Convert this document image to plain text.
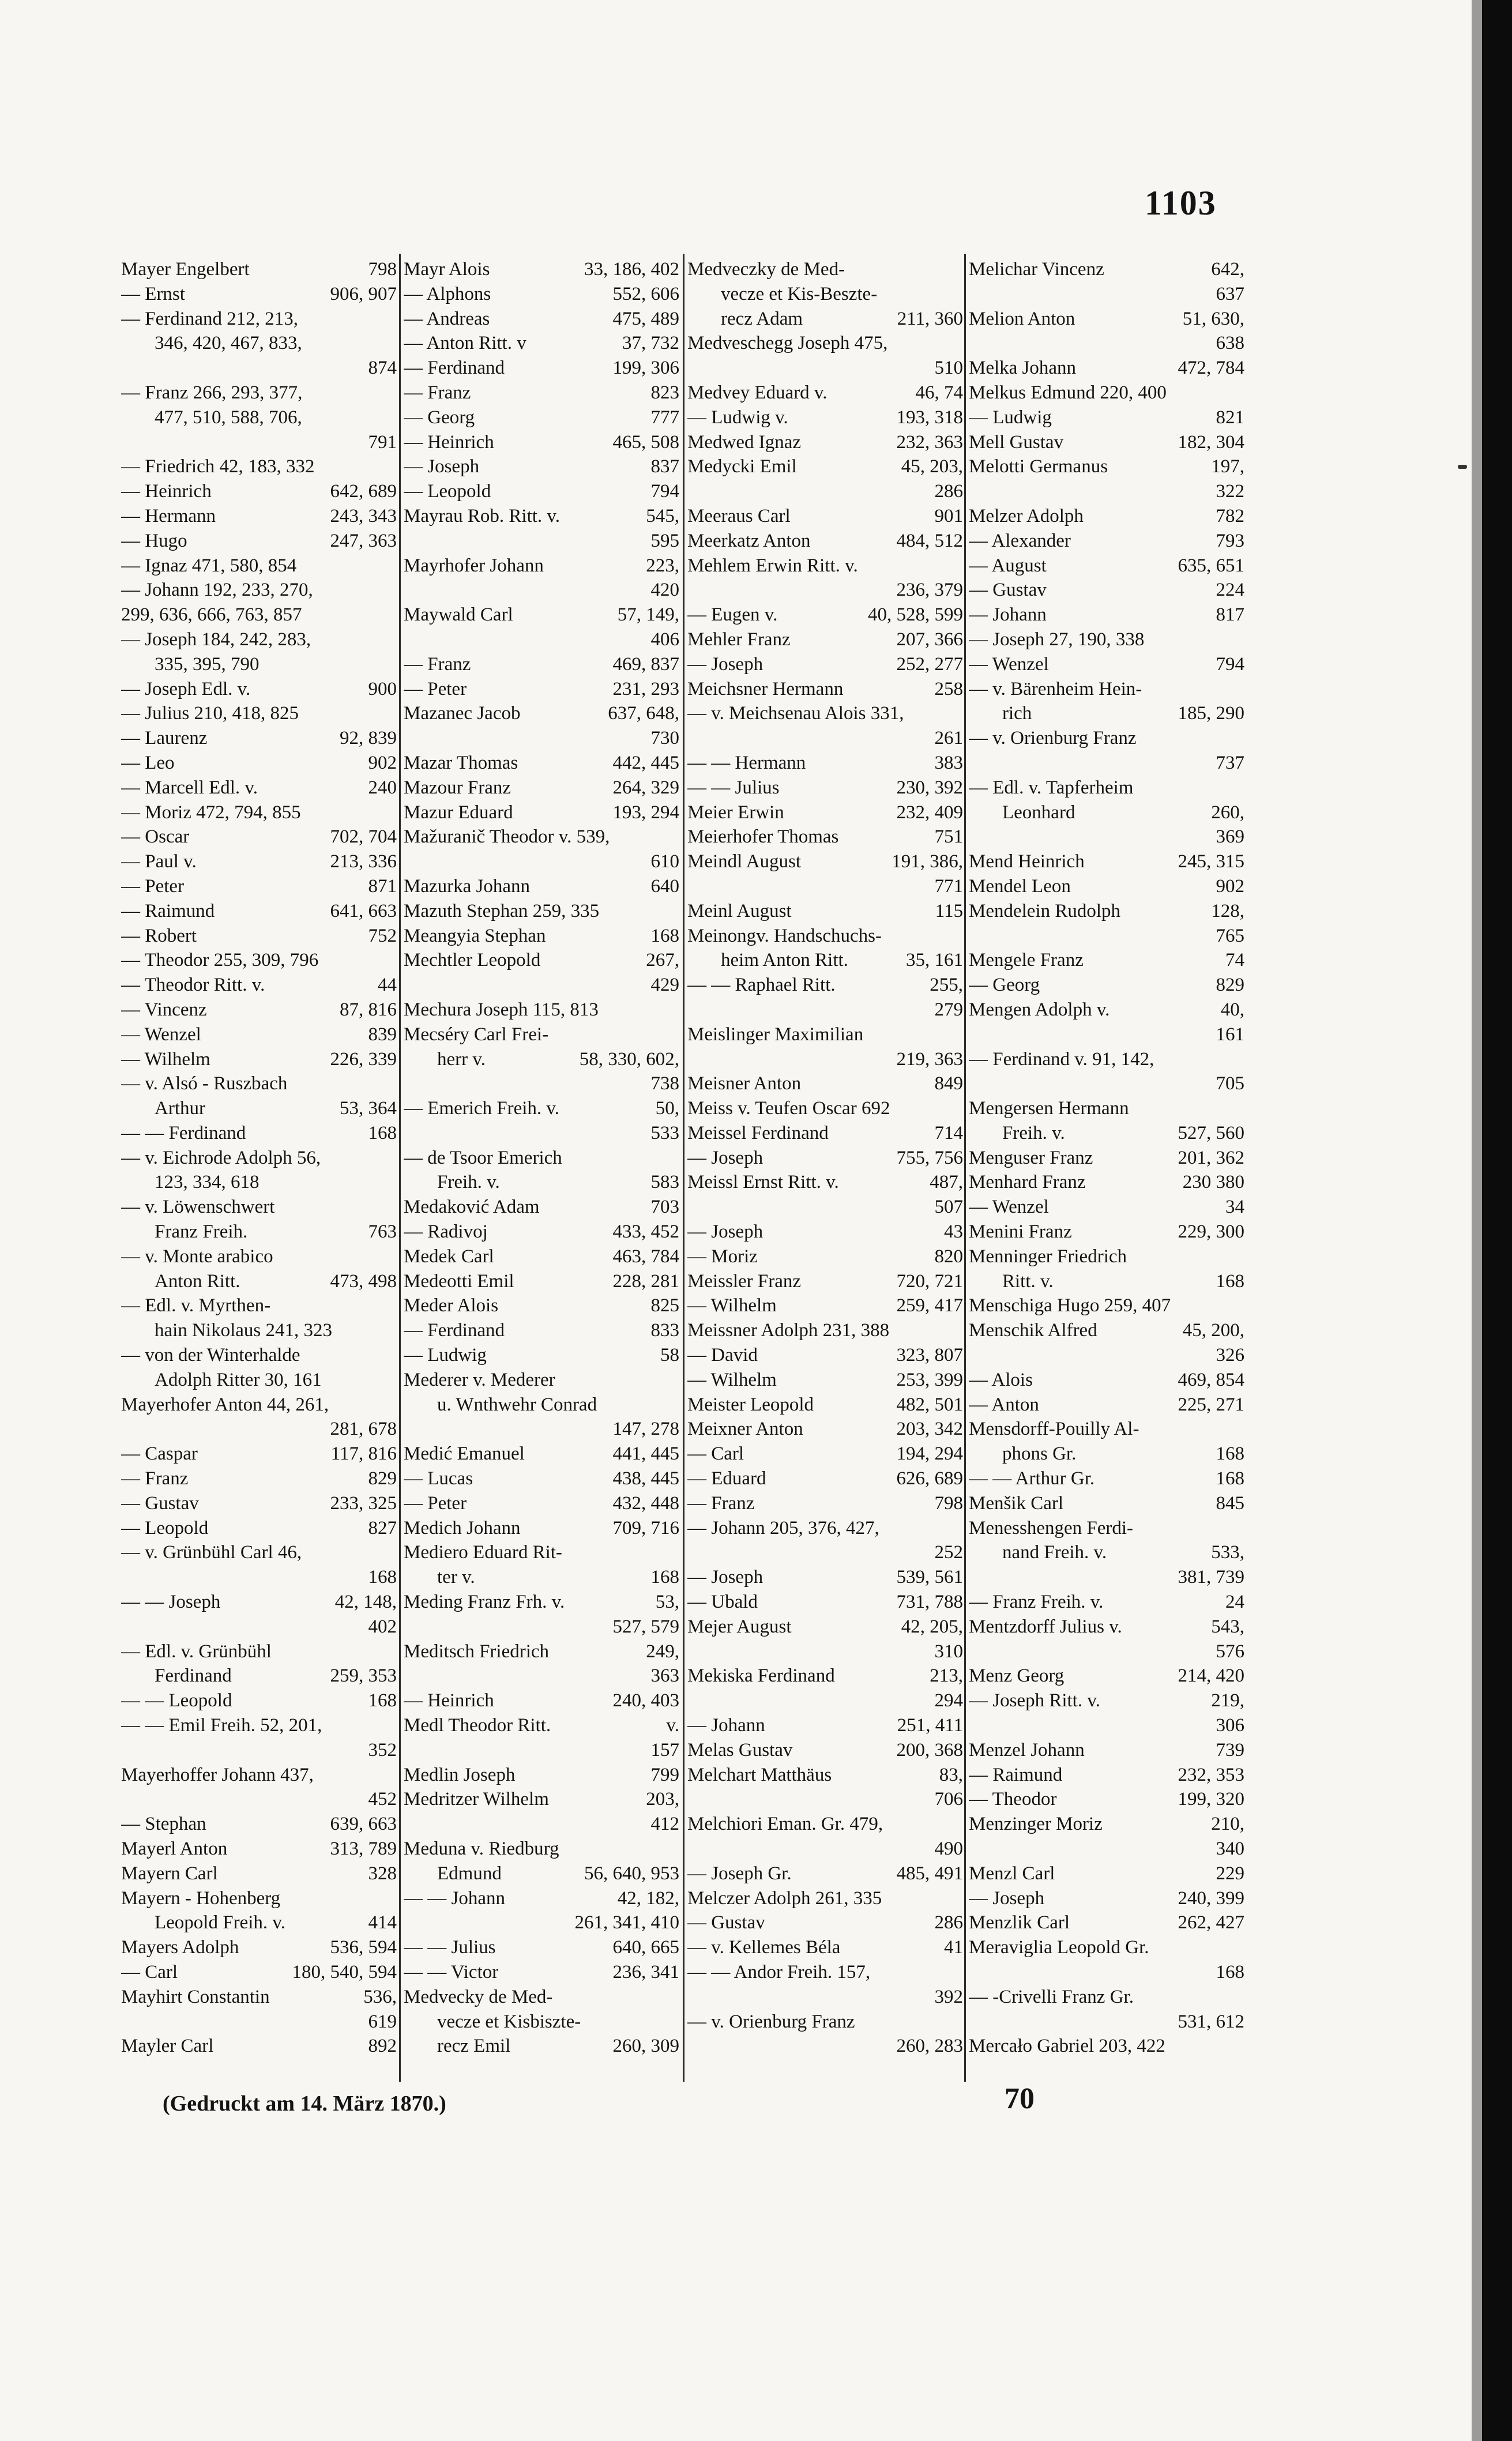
1103
Mayer Engelbert	798
— Ernst	906, 907
— Ferdinand 212, 213,
346, 420, 467, 833,
874
— Franz 266, 293, 377,
477, 510, 588, 706,
791
— Friedrich 42, 183, 332
— Heinrich	642, 689
— Hermann	243, 343
— Hugo	247, 363
— Ignaz 471, 580, 854
— Johann 192, 233, 270,
299, 636, 666, 763, 857
— Joseph 184, 242, 283,
335, 395, 790
— Joseph Edl. v.	900
— Julius 210, 418, 825
— Laurenz	92, 839
— Leo	902
— Marcell Edl. v.	240
— Moriz 472, 794, 855
— Oscar	702, 704
— Paul v.	213, 336
— Peter	871
— Raimund	641, 663
— Robert	752
— Theodor 255, 309, 796
— Theodor Ritt. v.	44
— Vincenz	87, 816
— Wenzel	839
— Wilhelm	226, 339
— v. Alsó - Ruszbach
Arthur	53, 364
— — Ferdinand	168
— v. Eichrode Adolph 56,
123, 334, 618
— v. Löwenschwert
Franz Freih.	763
— v. Monte arabico
Anton Ritt.	473, 498
— Edl. v. Myrthen-
hain Nikolaus 241, 323
— von der Winterhalde
Adolph Ritter 30, 161
Mayerhofer Anton 44, 261,
281, 678
— Caspar	117, 816
— Franz	829
— Gustav	233, 325
— Leopold	827
— v. Grünbühl Carl 46,
168
— — Joseph	42, 148,
402
— Edl. v. Grünbühl
Ferdinand	259, 353
— — Leopold	168
— — Emil Freih. 52, 201,
352
Mayerhoffer Johann 437,
452
— Stephan	639, 663
Mayerl Anton	313, 789
Mayern Carl	328
Mayern - Hohenberg
Leopold Freih. v.	414
Mayers Adolph	536, 594
— Carl	180, 540, 594
Mayhirt Constantin	536,
619
Mayler Carl	892
Mayr Alois	33, 186, 402
— Alphons	552, 606
— Andreas	475, 489
— Anton Ritt. v	37, 732
— Ferdinand	199, 306
— Franz	823
— Georg	777
— Heinrich	465, 508
— Joseph	837
— Leopold	794
Mayrau Rob. Ritt. v.	545,
595
Mayrhofer Johann	223,
420
Maywald Carl	57, 149,
406
— Franz	469, 837
— Peter	231, 293
Mazanec Jacob	637, 648,
730
Mazar Thomas	442, 445
Mazour Franz	264, 329
Mazur Eduard	193, 294
Mažuranič Theodor v. 539,
610
Mazurka Johann	640
Mazuth Stephan 259, 335
Meangyia Stephan	168
Mechtler Leopold	267,
429
Mechura Joseph 115, 813
Mecséry Carl Frei-
herr v.	58, 330, 602,
738
— Emerich Freih. v.	50,
533
— de Tsoor Emerich
Freih. v.	583
Medaković Adam	703
— Radivoj	433, 452
Medek Carl	463, 784
Medeotti Emil	228, 281
Meder Alois	825
— Ferdinand	833
— Ludwig	58
Mederer v. Mederer
u. Wnthwehr Conrad
147, 278
Medić Emanuel	441, 445
— Lucas	438, 445
— Peter	432, 448
Medich Johann	709, 716
Mediero Eduard Rit-
ter v.	168
Meding Franz Frh. v.	53,
527, 579
Meditsch Friedrich	249,
363
— Heinrich	240, 403
Medl Theodor Ritt.	v.
157
Medlin Joseph	799
Medritzer Wilhelm	203,
412
Meduna v. Riedburg
Edmund	56, 640, 953
— — Johann	42, 182,
261, 341, 410
— — Julius	640, 665
— — Victor	236, 341
Medvecky de Med-
vecze et Kisbiszte-
recz Emil	260, 309
Medveczky de Med-
vecze et Kis-Beszte-
recz Adam	211, 360
Medveschegg Joseph 475,
510
Medvey Eduard v.	46, 74
— Ludwig v.	193, 318
Medwed Ignaz	232, 363
Medycki Emil	45, 203,
286
Meeraus Carl	901
Meerkatz Anton	484, 512
Mehlem Erwin Ritt. v.
236, 379
— Eugen v.	40, 528, 599
Mehler Franz	207, 366
— Joseph	252, 277
Meichsner Hermann	258
— v. Meichsenau Alois 331,
261
— — Hermann	383
— — Julius	230, 392
Meier Erwin	232, 409
Meierhofer Thomas	751
Meindl August	191, 386,
771
Meinl August	115
Meinongv. Handschuchs-
heim Anton Ritt.	35, 161
— — Raphael Ritt.	255,
279
Meislinger Maximilian
219, 363
Meisner Anton	849
Meiss v. Teufen Oscar 692
Meissel Ferdinand	714
— Joseph	755, 756
Meissl Ernst Ritt. v.	487,
507
— Joseph	43
— Moriz	820
Meissler Franz	720, 721
— Wilhelm	259, 417
Meissner Adolph 231, 388
— David	323, 807
— Wilhelm	253, 399
Meister Leopold	482, 501
Meixner Anton	203, 342
— Carl	194, 294
— Eduard	626, 689
— Franz	798
— Johann 205, 376, 427,
252
— Joseph	539, 561
— Ubald	731, 788
Mejer August	42, 205,
310
Mekiska Ferdinand	213,
294
— Johann	251, 411
Melas Gustav	200, 368
Melchart Matthäus	83,
706
Melchiori Eman. Gr. 479,
490
— Joseph Gr.	485, 491
Melczer Adolph 261, 335
— Gustav	286
— v. Kellemes Béla	41
— — Andor Freih. 157,
392
— v. Orienburg Franz
260, 283
Melichar Vincenz	642,
637
Melion Anton	51, 630,
638
Melka Johann	472, 784
Melkus Edmund 220, 400
— Ludwig	821
Mell Gustav	182, 304
Melotti Germanus	197,
322
Melzer Adolph	782
— Alexander	793
— August	635, 651
— Gustav	224
— Johann	817
— Joseph 27, 190, 338
— Wenzel	794
— v. Bärenheim Hein-
rich	185, 290
— v. Orienburg Franz
737
— Edl. v. Tapferheim
Leonhard	260,
369
Mend Heinrich	245, 315
Mendel Leon	902
Mendelein Rudolph	128,
765
Mengele Franz	74
— Georg	829
Mengen Adolph v.	40,
161
— Ferdinand v. 91, 142,
705
Mengersen Hermann
Freih. v.	527, 560
Menguser Franz	201, 362
Menhard Franz	230 380
— Wenzel	34
Menini Franz	229, 300
Menninger Friedrich
Ritt. v.	168
Menschiga Hugo 259, 407
Menschik Alfred	45, 200,
326
— Alois	469, 854
— Anton	225, 271
Mensdorff-Pouilly Al-
phons Gr.	168
— — Arthur Gr.	168
Menšik Carl	845
Menesshengen Ferdi-
nand Freih. v.	533,
381, 739
— Franz Freih. v.	24
Mentzdorff Julius v.	543,
576
Menz Georg	214, 420
— Joseph Ritt. v.	219,
306
Menzel Johann	739
— Raimund	232, 353
— Theodor	199, 320
Menzinger Moriz	210,
340
Menzl Carl	229
— Joseph	240, 399
Menzlik Carl	262, 427
Meraviglia Leopold Gr.
168
— -Crivelli Franz Gr.
531, 612
Mercało Gabriel 203, 422
(Gedruckt am 14. März 1870.)	70
